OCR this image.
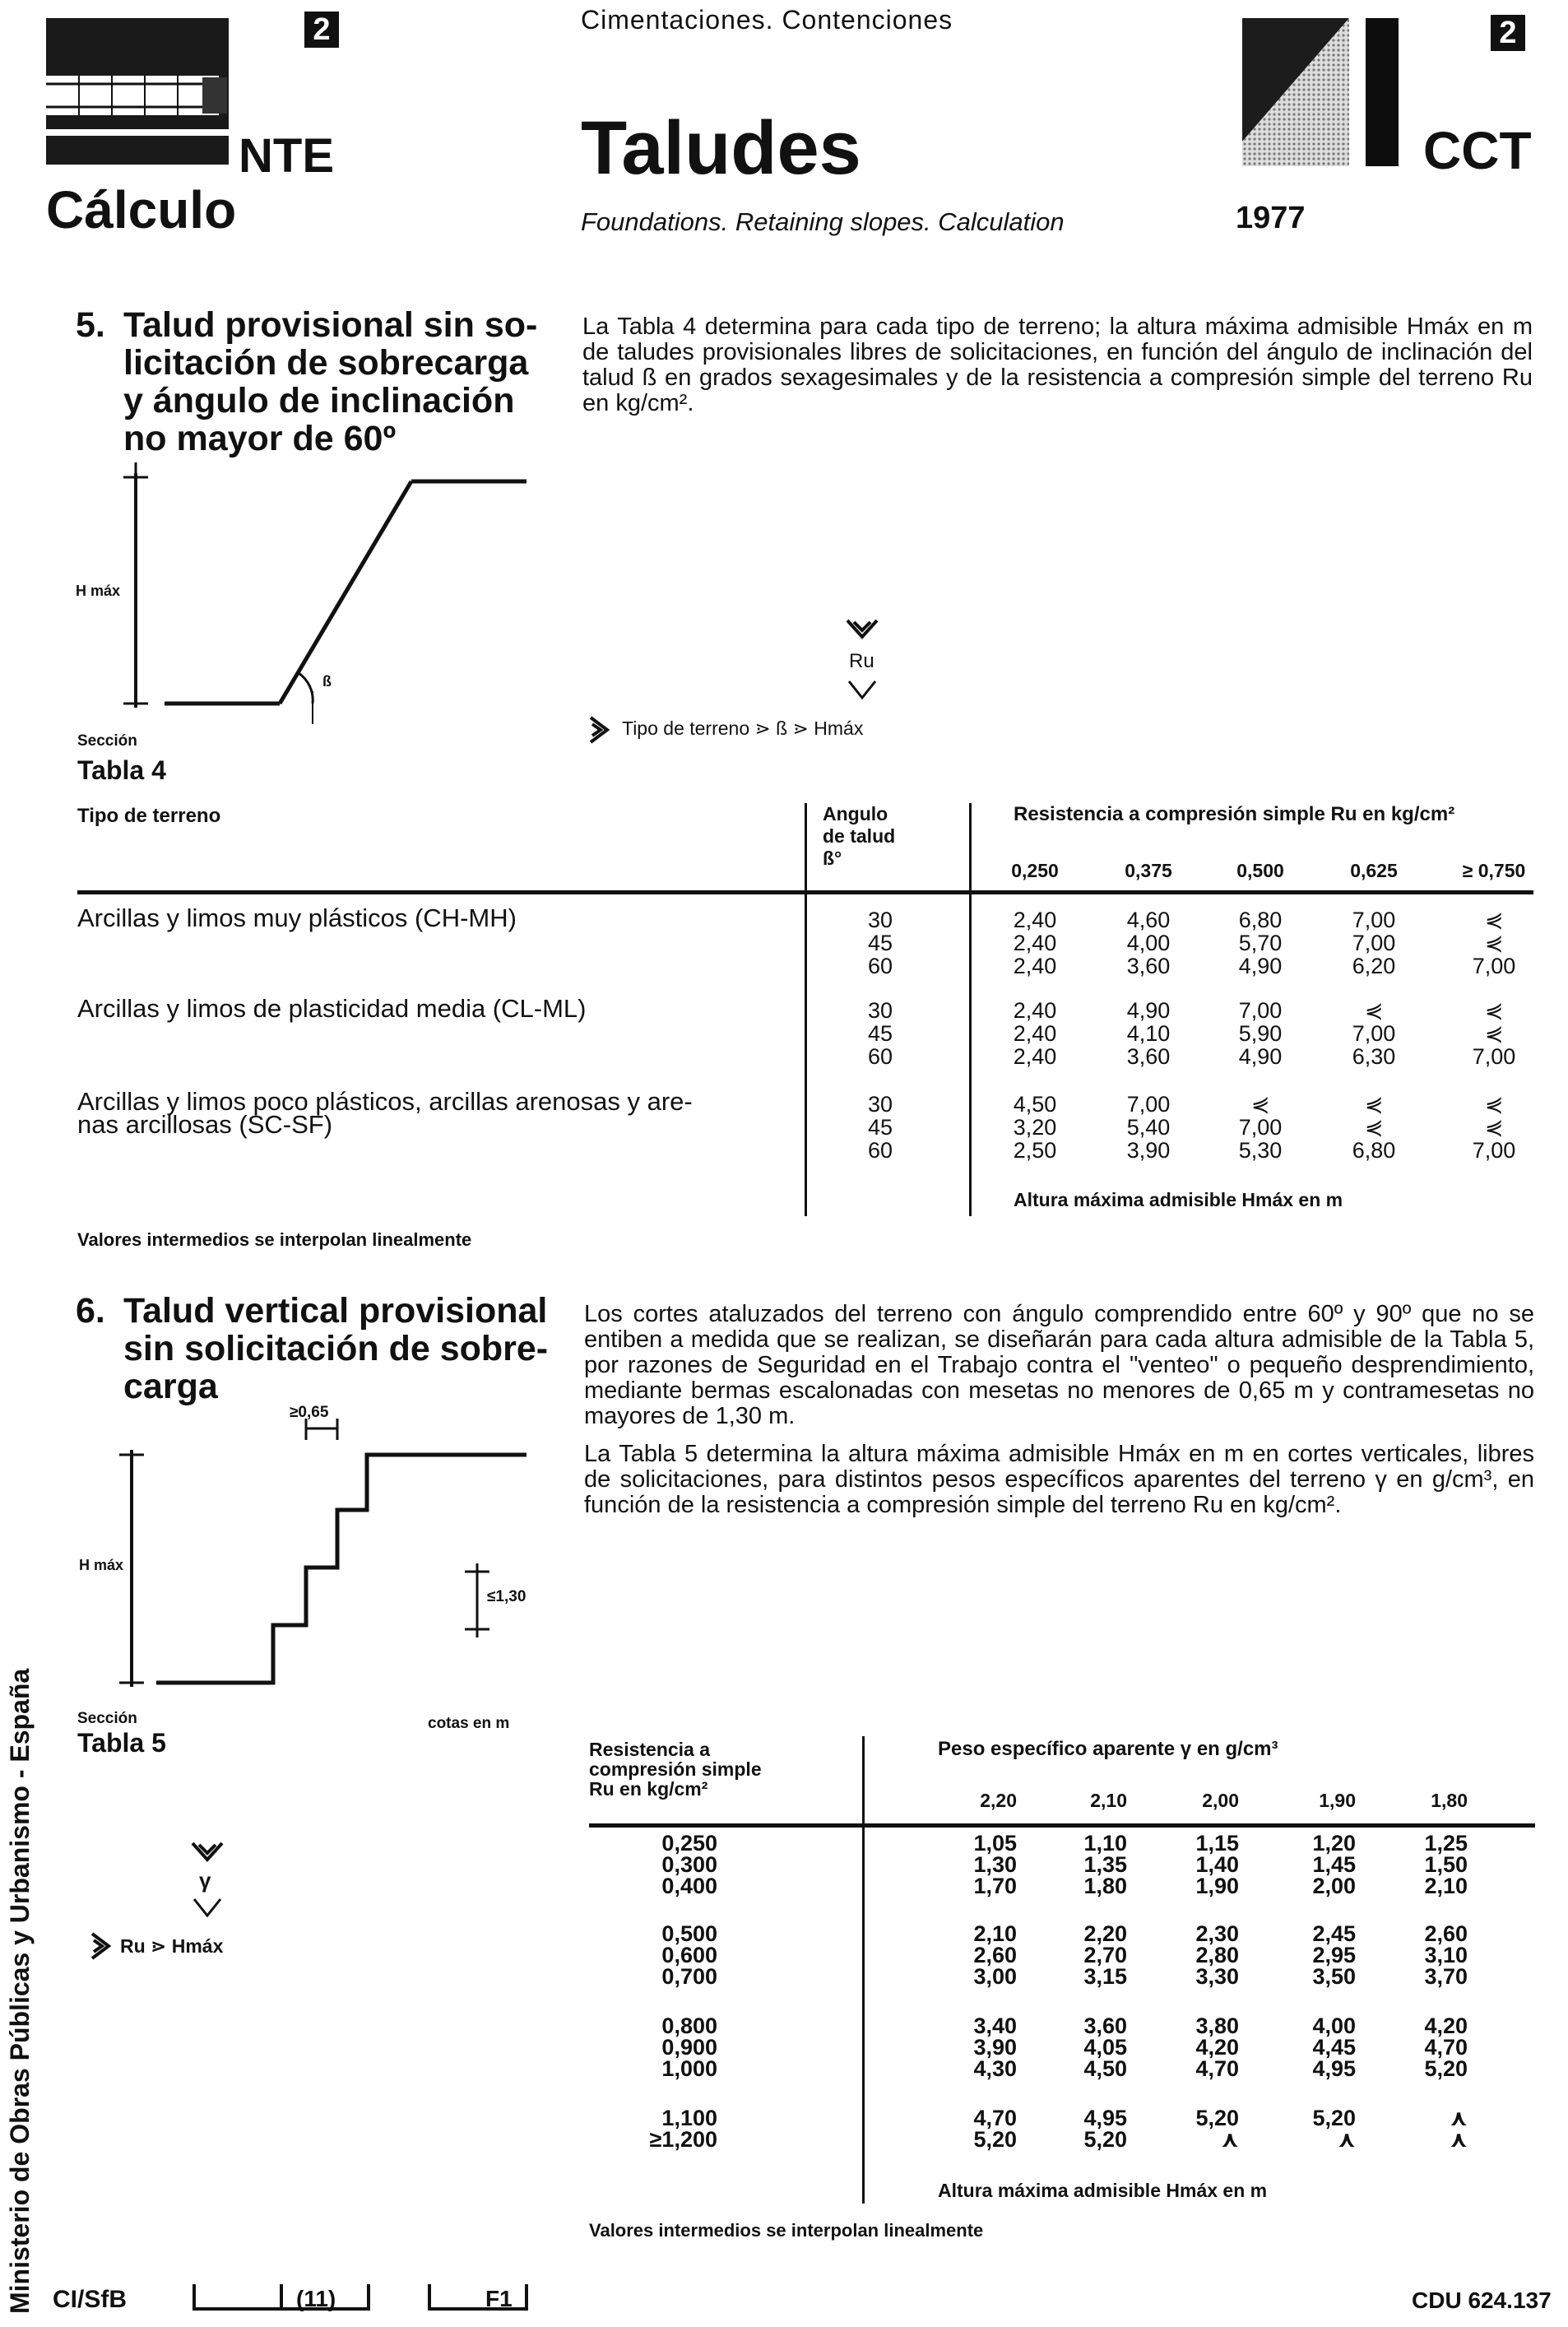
2
NTE
Cálculo
Cimentaciones. Contenciones
Taludes
Foundations. Retaining slopes. Calculation
2
CCT
1977
5. Talud provisional sin so-
licitación de sobrecarga
y ángulo de inclinación
no mayor de 60º
La Tabla 4 determina para cada tipo de terreno; la altura máxima admisible Hmáx en m de taludes provisionales libres de solicitaciones, en función del ángulo de inclinación del talud ß en grados sexagesimales y de la resistencia a compresión simple del terreno Ru en kg/cm².
H máx
ß
Sección
Ru
Tipo de terreno ⋗ ß ⋗ Hmáx
Tabla 4
Tipo de terreno	Angulo
de talud
ß°
Resistencia a compresión simple Ru en kg/cm²
0,250	0,375	0,500	0,625	≥ 0,750
Arcillas y limos muy plásticos (CH-MH)	30	2,40	4,60	6,80	7,00	⋞
45	2,40	4,00	5,70	7,00	⋞
60	2,40	3,60	4,90	6,20	7,00
Arcillas y limos de plasticidad media (CL-ML)	30	2,40	4,90	7,00	⋞	⋞
45	2,40	4,10	5,90	7,00	⋞
60	2,40	3,60	4,90	6,30	7,00
Arcillas y limos poco plásticos, arcillas arenosas y are-
nas arcillosas (SC-SF)
30	4,50	7,00	⋞	⋞	⋞
45	3,20	5,40	7,00	⋞	⋞
60	2,50	3,90	5,30	6,80	7,00
Altura máxima admisible Hmáx en m
Valores intermedios se interpolan linealmente
6. Talud vertical provisional
sin solicitación de sobre-
carga
Los cortes ataluzados del terreno con ángulo comprendido entre 60º y 90º que no se entiben a medida que se realizan, se diseñarán para cada altura admisible de la Tabla 5, por razones de Seguridad en el Trabajo contra el "venteo" o pequeño desprendimiento, mediante bermas escalonadas con mesetas no menores de 0,65 m y contramesetas no mayores de 1,30 m.
La Tabla 5 determina la altura máxima admisible Hmáx en m en cortes verticales, libres de solicitaciones, para distintos pesos específicos aparentes del terreno γ en g/cm³, en función de la resistencia a compresión simple del terreno Ru en kg/cm².
≥0,65
H máx
≤1,30
Sección	cotas en m
Tabla 5
γ
Ru ⋗ Hmáx
Resistencia a
compresión simple
Ru en kg/cm²
Peso específico aparente γ en g/cm³
2,20	2,10	2,00	1,90	1,80
0,250	1,05	1,10	1,15	1,20	1,25
0,300	1,30	1,35	1,40	1,45	1,50
0,400	1,70	1,80	1,90	2,00	2,10
0,500	2,10	2,20	2,30	2,45	2,60
0,600	2,60	2,70	2,80	2,95	3,10
0,700	3,00	3,15	3,30	3,50	3,70
0,800	3,40	3,60	3,80	4,00	4,20
0,900	3,90	4,05	4,20	4,45	4,70
1,000	4,30	4,50	4,70	4,95	5,20
1,100	4,70	4,95	5,20	5,20	⋏
≥1,200	5,20	5,20	⋏	⋏	⋏
Altura máxima admisible Hmáx en m
Valores intermedios se interpolan linealmente
Ministerio de Obras Públicas y Urbanismo - España CI/SfB	(11)	F1	CDU 624.137
